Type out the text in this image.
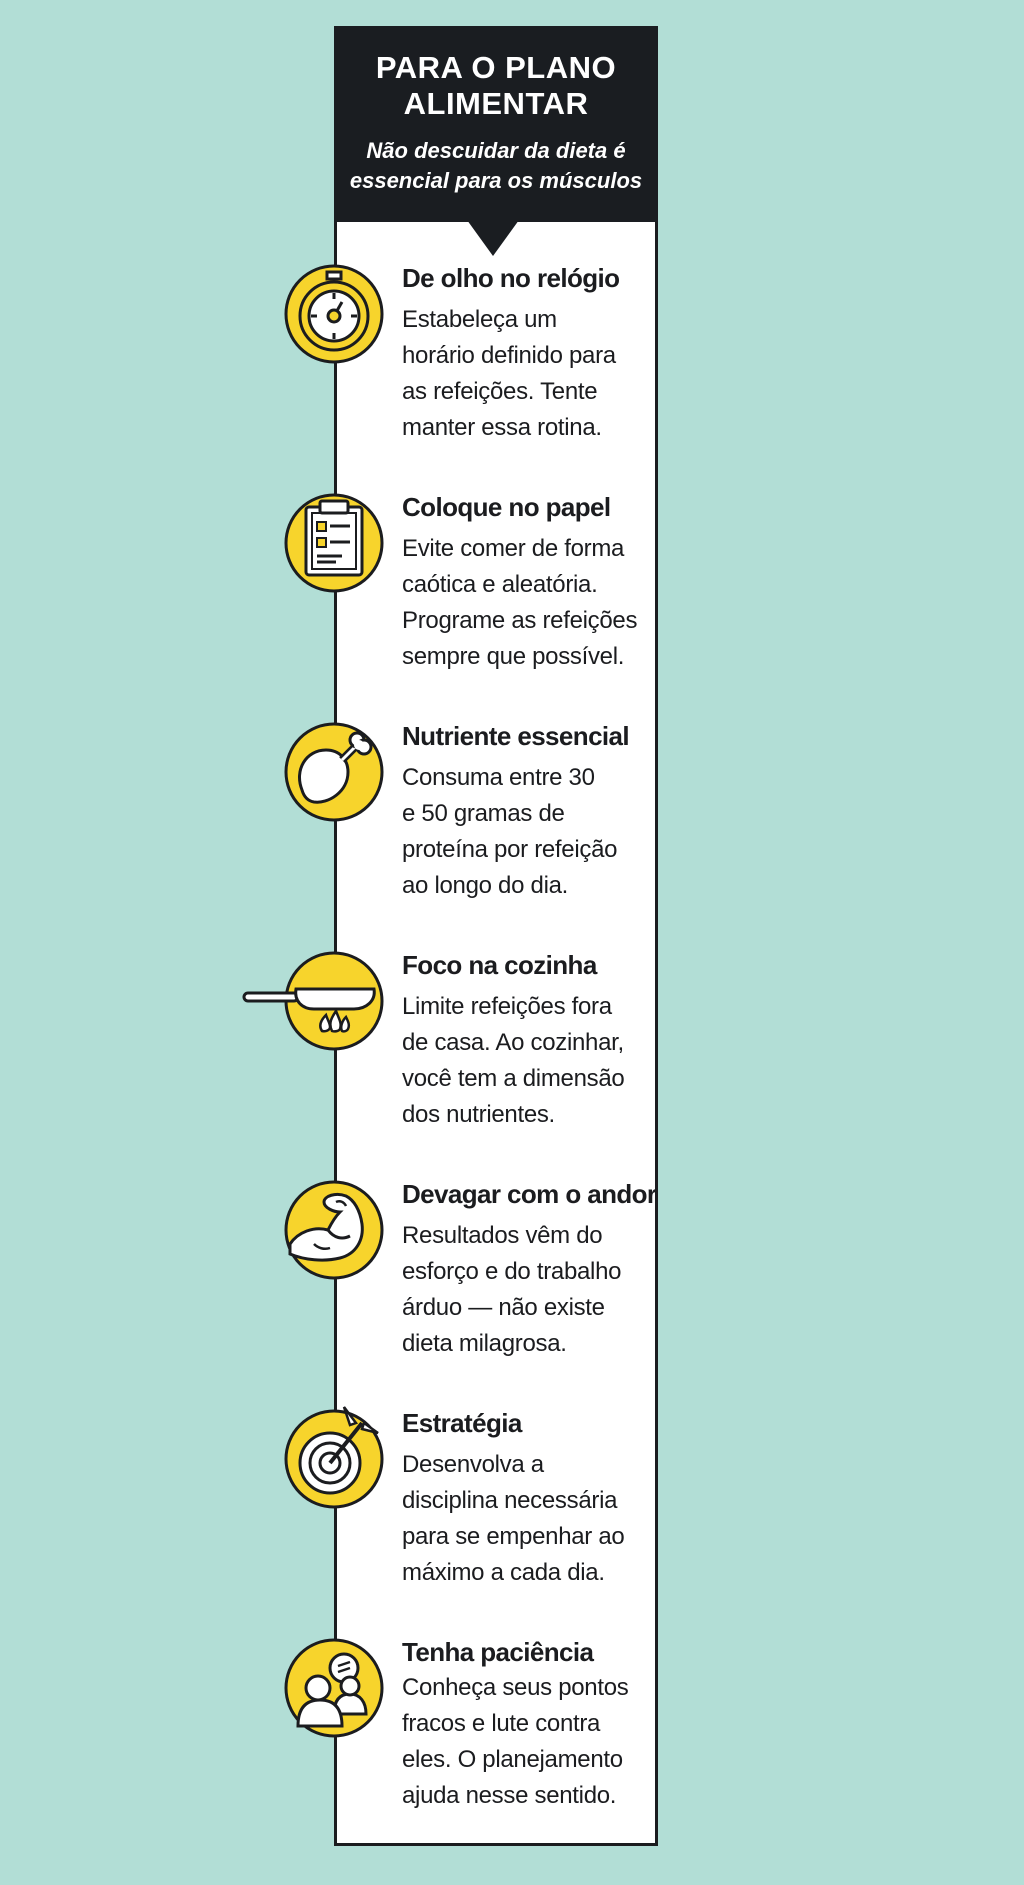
PARA O PLANO
ALIMENTAR
Não descuidar da dieta é
essencial para os músculos
De olho no relógio
Estabeleça um
horário definido para
as refeições. Tente
manter essa rotina.
Coloque no papel
Evite comer de forma
caótica e aleatória.
Programe as refeições
sempre que possível.
Nutriente essencial
Consuma entre 30
e 50 gramas de
proteína por refeição
ao longo do dia.
Foco na cozinha
Limite refeições fora
de casa. Ao cozinhar,
você tem a dimensão
dos nutrientes.
Devagar com o andor
Resultados vêm do
esforço e do trabalho
árduo — não existe
dieta milagrosa.
Estratégia
Desenvolva a
disciplina necessária
para se empenhar ao
máximo a cada dia.
Tenha paciência
Conheça seus pontos
fracos e lute contra
eles. O planejamento
ajuda nesse sentido.
